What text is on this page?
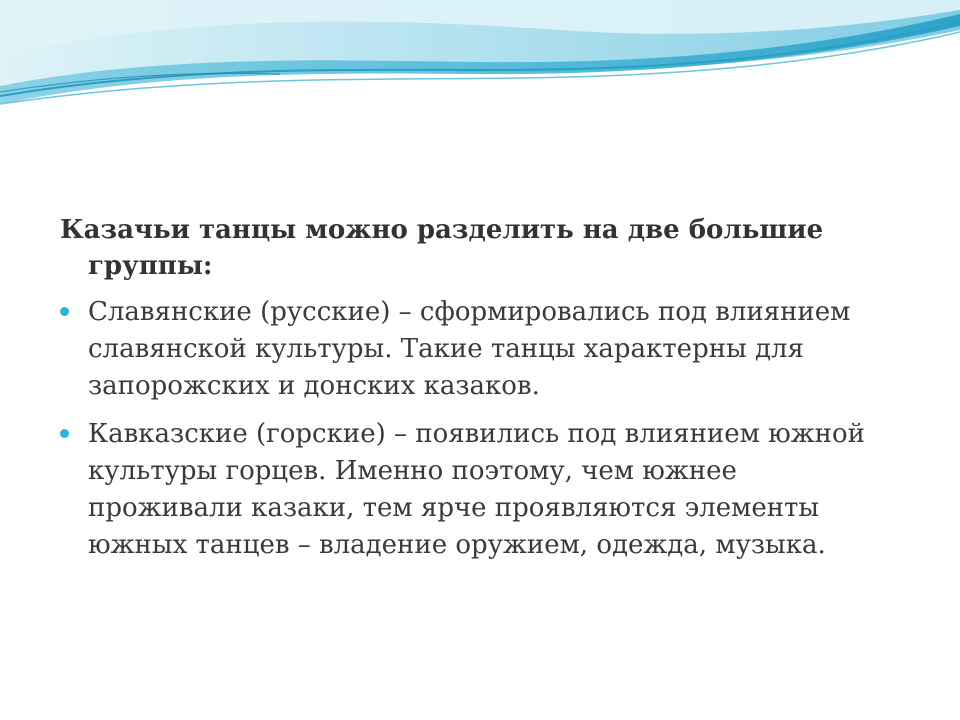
Казачьи танцы можно разделить на две большие группы:

Славянские (русские) – сформировались под влиянием славянской культуры. Такие танцы характерны для запорожских и донских казаков.
Кавказские (горские) – появились под влиянием южной культуры горцев. Именно поэтому, чем южнее проживали казаки, тем ярче проявляются элементы южных танцев – владение оружием, одежда, музыка.
